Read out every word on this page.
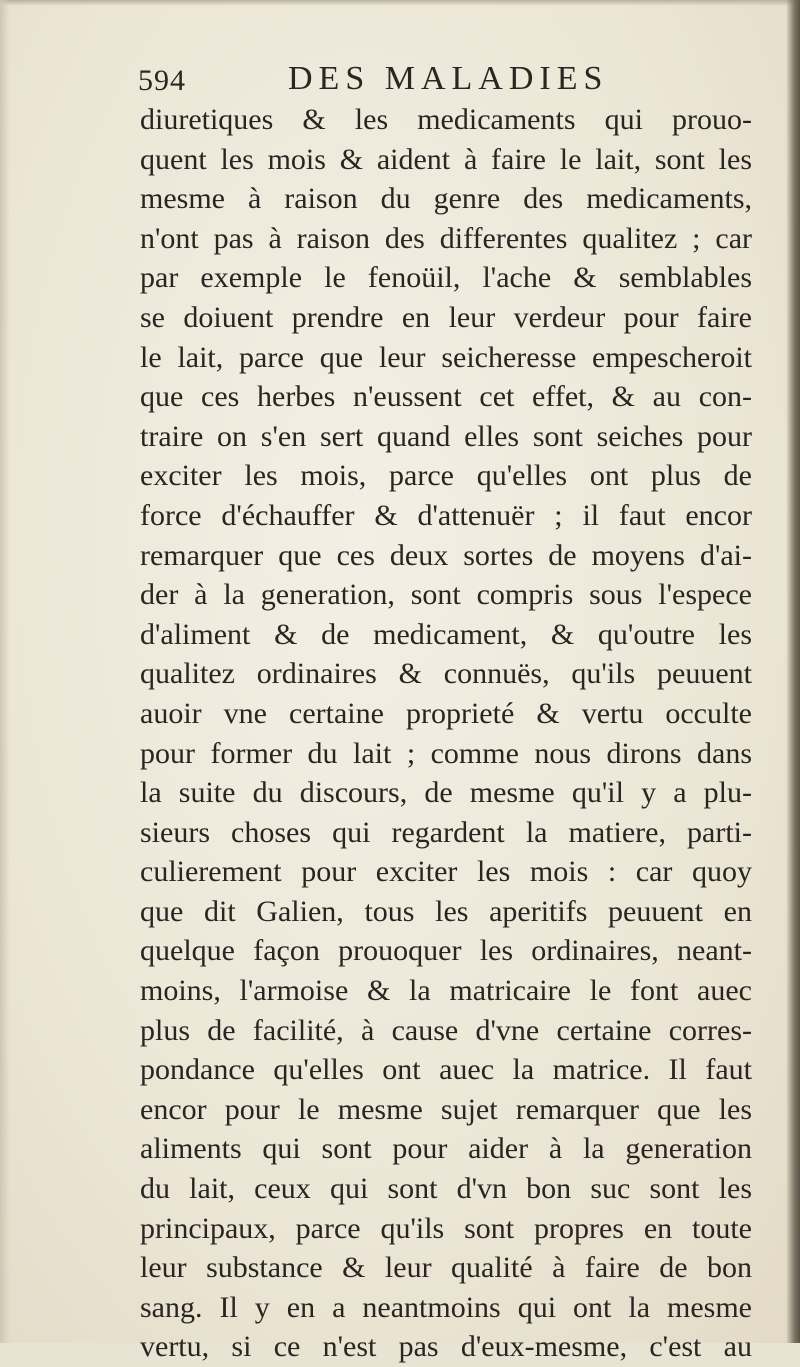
594	DES MALADIES
diuretiques & les medicaments qui prouo-
quent les mois & aident à faire le lait, sont les
mesme à raison du genre des medicaments,
n'ont pas à raison des differentes qualitez ; car
par exemple le fenoüil, l'ache & semblables
se doiuent prendre en leur verdeur pour faire
le lait, parce que leur seicheresse empescheroit
que ces herbes n'eussent cet effet, & au con-
traire on s'en sert quand elles sont seiches pour
exciter les mois, parce qu'elles ont plus de
force d'échauffer & d'attenuër ; il faut encor
remarquer que ces deux sortes de moyens d'ai-
der à la generation, sont compris sous l'espece
d'aliment & de medicament, & qu'outre les
qualitez ordinaires & connuës, qu'ils peuuent
auoir vne certaine proprieté & vertu occulte
pour former du lait ; comme nous dirons dans
la suite du discours, de mesme qu'il y a plu-
sieurs choses qui regardent la matiere, parti-
culierement pour exciter les mois : car quoy
que dit Galien, tous les aperitifs peuuent en
quelque façon prouoquer les ordinaires, neant-
moins, l'armoise & la matricaire le font auec
plus de facilité, à cause d'vne certaine corres-
pondance qu'elles ont auec la matrice. Il faut
encor pour le mesme sujet remarquer que les
aliments qui sont pour aider à la generation
du lait, ceux qui sont d'vn bon suc sont les
principaux, parce qu'ils sont propres en toute
leur substance & leur qualité à faire de bon
sang. Il y en a neantmoins qui ont la mesme
vertu, si ce n'est pas d'eux-mesme, c'est au
